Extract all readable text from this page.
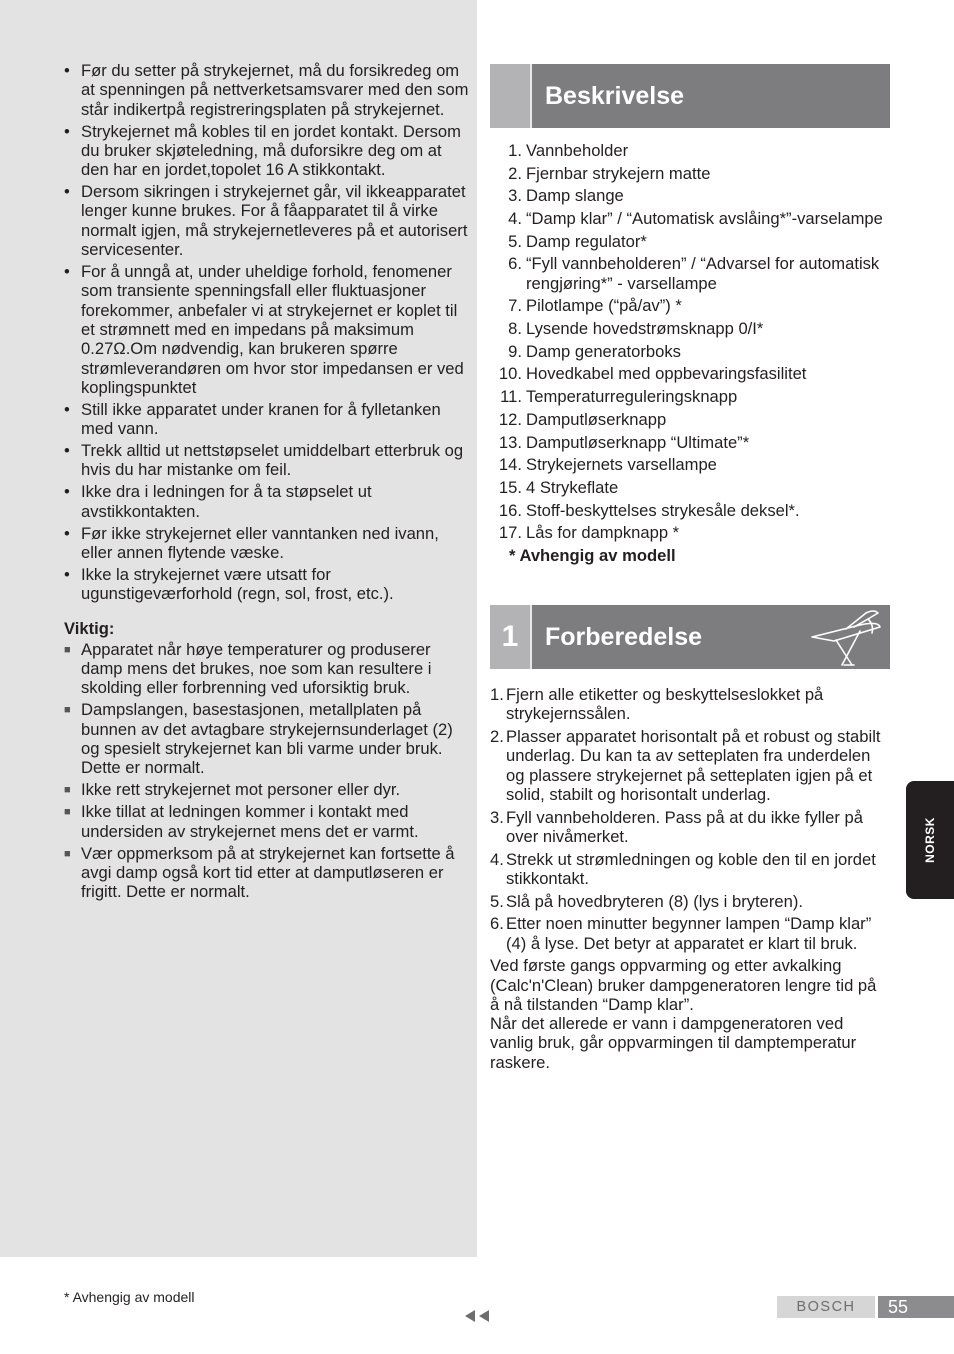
• Før du setter på strykejernet, må du forsikredeg om at spenningen på nettverketsamsvarer med den som står indikertpå registreringsplaten på strykejernet.
• Strykejernet må kobles til en jordet kontakt. Dersom du bruker skjøteledning, må duforsikre deg om at den har en jordet,topolet 16 A stikkontakt.
• Dersom sikringen i strykejernet går, vil ikkeapparatet lenger kunne brukes. For å fåapparatet til å virke normalt igjen, må strykejernetleveres på et autorisert servicesenter.
• For å unngå at, under uheldige forhold, fenomener som transiente spenningsfall eller fluktuasjoner forekommer, anbefaler vi at strykejernet er koplet til et strømnett med en impedans på maksimum 0.27Ω.Om nødvendig, kan brukeren spørre strømleverandøren om hvor stor impedansen er ved koplingspunktet
• Still ikke apparatet under kranen for å fylletanken med vann.
• Trekk alltid ut nettstøpselet umiddelbart etterbruk og hvis du har mistanke om feil.
• Ikke dra i ledningen for å ta støpselet ut avstikkontakten.
• Før ikke strykejernet eller vanntanken ned ivann, eller annen flytende væske.
• Ikke la strykejernet være utsatt for ugunstigeværforhold (regn, sol, frost, etc.).
Viktig:
■ Apparatet når høye temperaturer og produserer damp mens det brukes, noe som kan resultere i skolding eller forbrenning ved uforsiktig bruk.
■ Dampslangen, basestasjonen, metallplaten på bunnen av det avtagbare strykejernsunderlaget (2) og spesielt strykejernet kan bli varme under bruk. Dette er normalt.
■ Ikke rett strykejernet mot personer eller dyr.
■ Ikke tillat at ledningen kommer i kontakt med undersiden av strykejernet mens det er varmt.
■ Vær oppmerksom på at strykejernet kan fortsette å avgi damp også kort tid etter at damputløseren er frigitt. Dette er normalt.
Beskrivelse
1. Vannbeholder
2. Fjernbar strykejern matte
3. Damp slange
4. “Damp klar” / “Automatisk avslåing*”-varselampe
5. Damp regulator*
6. “Fyll vannbeholderen” / “Advarsel for automatisk rengjøring*” - varsellampe
7. Pilotlampe (“på/av”) *
8. Lysende hovedstrømsknapp 0/I*
9. Damp generatorboks
10. Hovedkabel med oppbevaringsfasilitet
11. Temperaturreguleringsknapp
12. Damputløserknapp
13. Damputløserknapp “Ultimate”*
14. Strykejernets varsellampe
15. 4 Strykeflate
16. Stoff-beskyttelses strykesåle deksel*.
17. Lås for dampknapp *
* Avhengig av modell
1	Forberedelse
1. Fjern alle etiketter og beskyttelseslokket på strykejernssålen.
2. Plasser apparatet horisontalt på et robust og stabilt underlag. Du kan ta av setteplaten fra underdelen og plassere strykejernet på setteplaten igjen på et solid, stabilt og horisontalt underlag.
3. Fyll vannbeholderen. Pass på at du ikke fyller på over nivåmerket.
4. Strekk ut strømledningen og koble den til en jordet stikkontakt.
5. Slå på hovedbryteren (8) (lys i bryteren).
6. Etter noen minutter begynner lampen “Damp klar” (4) å lyse. Det betyr at apparatet er klart til bruk.
Ved første gangs oppvarming og etter avkalking (Calc'n'Clean) bruker dampgeneratoren lengre tid på å nå tilstanden “Damp klar”.
Når det allerede er vann i dampgeneratoren ved vanlig bruk, går oppvarmingen til damptemperatur raskere.
NORSK
* Avhengig av modell
BOSCH	55
